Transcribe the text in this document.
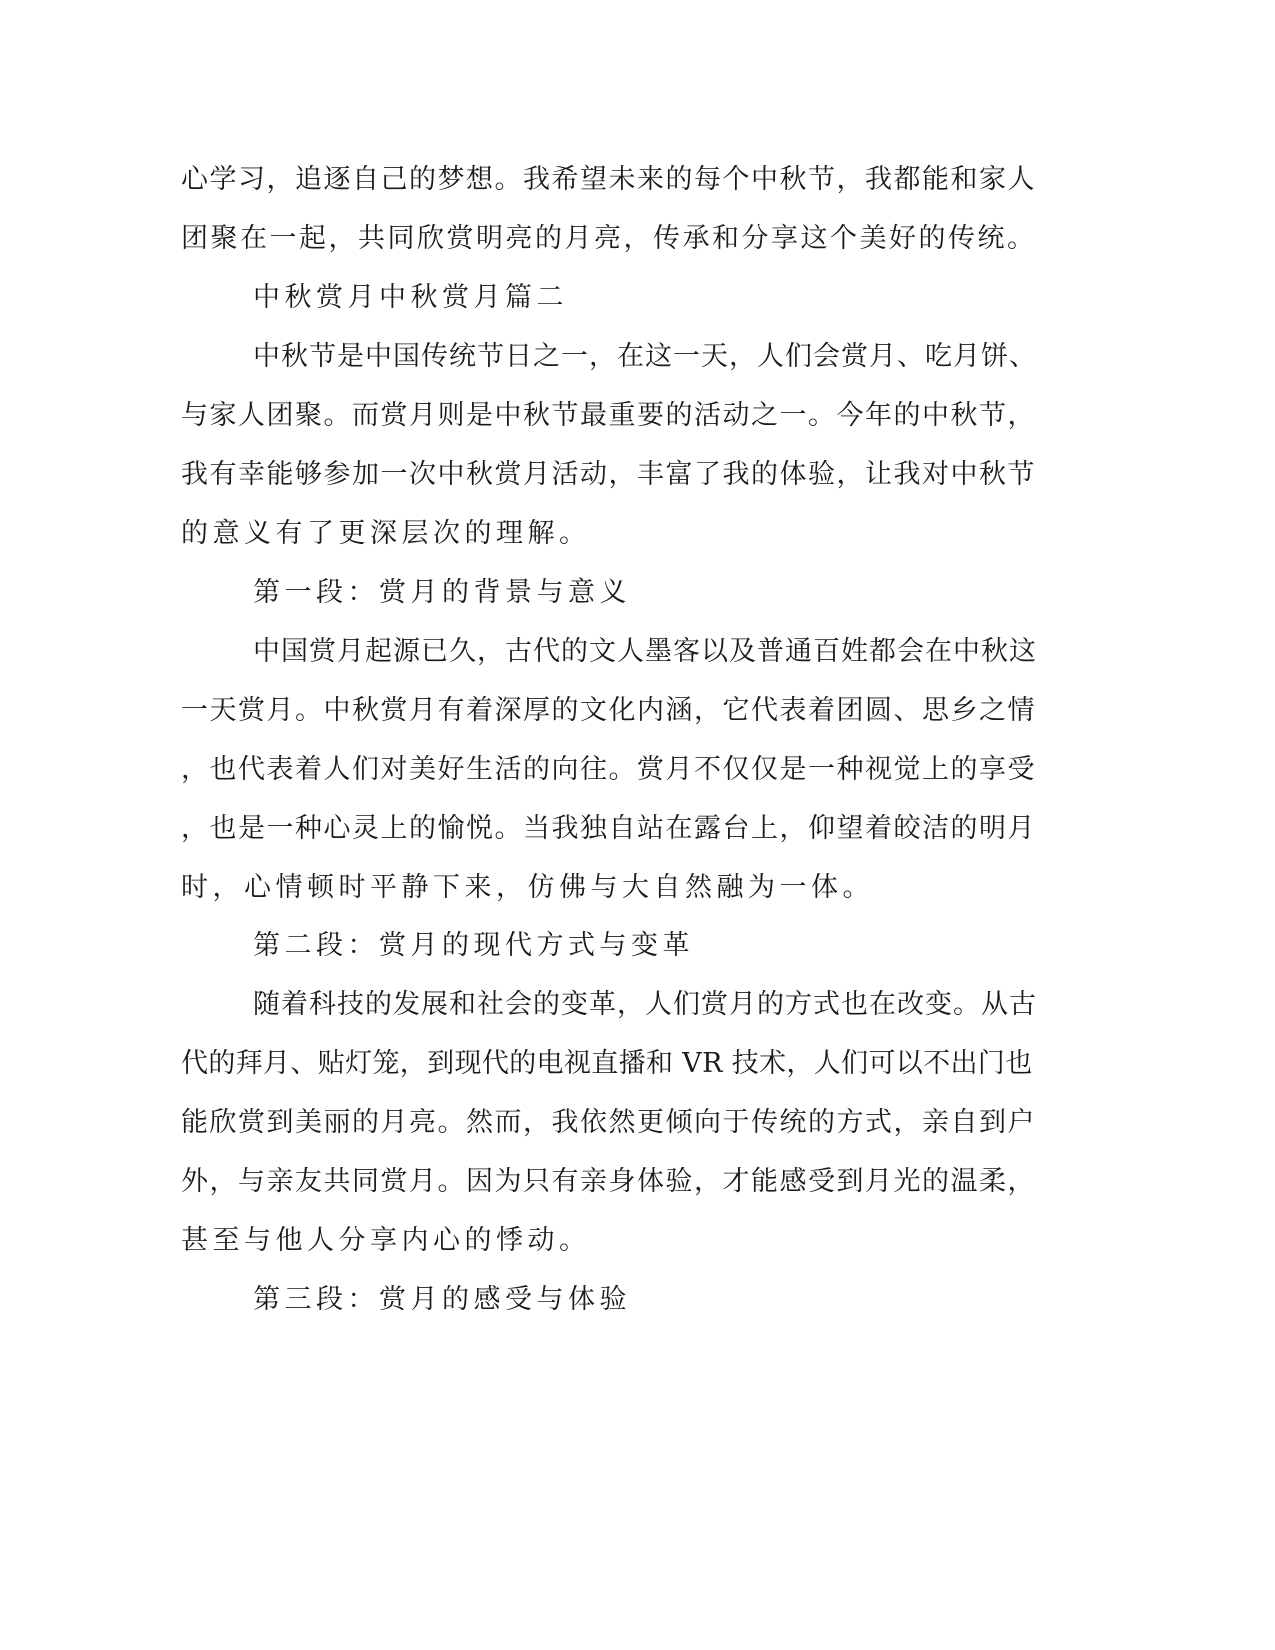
心学习，追逐自己的梦想。我希望未来的每个中秋节，我都能和家人
团聚在一起，共同欣赏明亮的月亮，传承和分享这个美好的传统。
中秋赏月中秋赏月篇二
中秋节是中国传统节日之一，在这一天，人们会赏月、吃月饼、
与家人团聚。而赏月则是中秋节最重要的活动之一。今年的中秋节，
我有幸能够参加一次中秋赏月活动，丰富了我的体验，让我对中秋节
的意义有了更深层次的理解。
第一段：赏月的背景与意义
中国赏月起源已久，古代的文人墨客以及普通百姓都会在中秋这
一天赏月。中秋赏月有着深厚的文化内涵，它代表着团圆、思乡之情
，也代表着人们对美好生活的向往。赏月不仅仅是一种视觉上的享受
，也是一种心灵上的愉悦。当我独自站在露台上，仰望着皎洁的明月
时，心情顿时平静下来，仿佛与大自然融为一体。
第二段：赏月的现代方式与变革
随着科技的发展和社会的变革，人们赏月的方式也在改变。从古
代的拜月、贴灯笼，到现代的电视直播和 VR 技术，人们可以不出门也
能欣赏到美丽的月亮。然而，我依然更倾向于传统的方式，亲自到户
外，与亲友共同赏月。因为只有亲身体验，才能感受到月光的温柔，
甚至与他人分享内心的悸动。
第三段：赏月的感受与体验
